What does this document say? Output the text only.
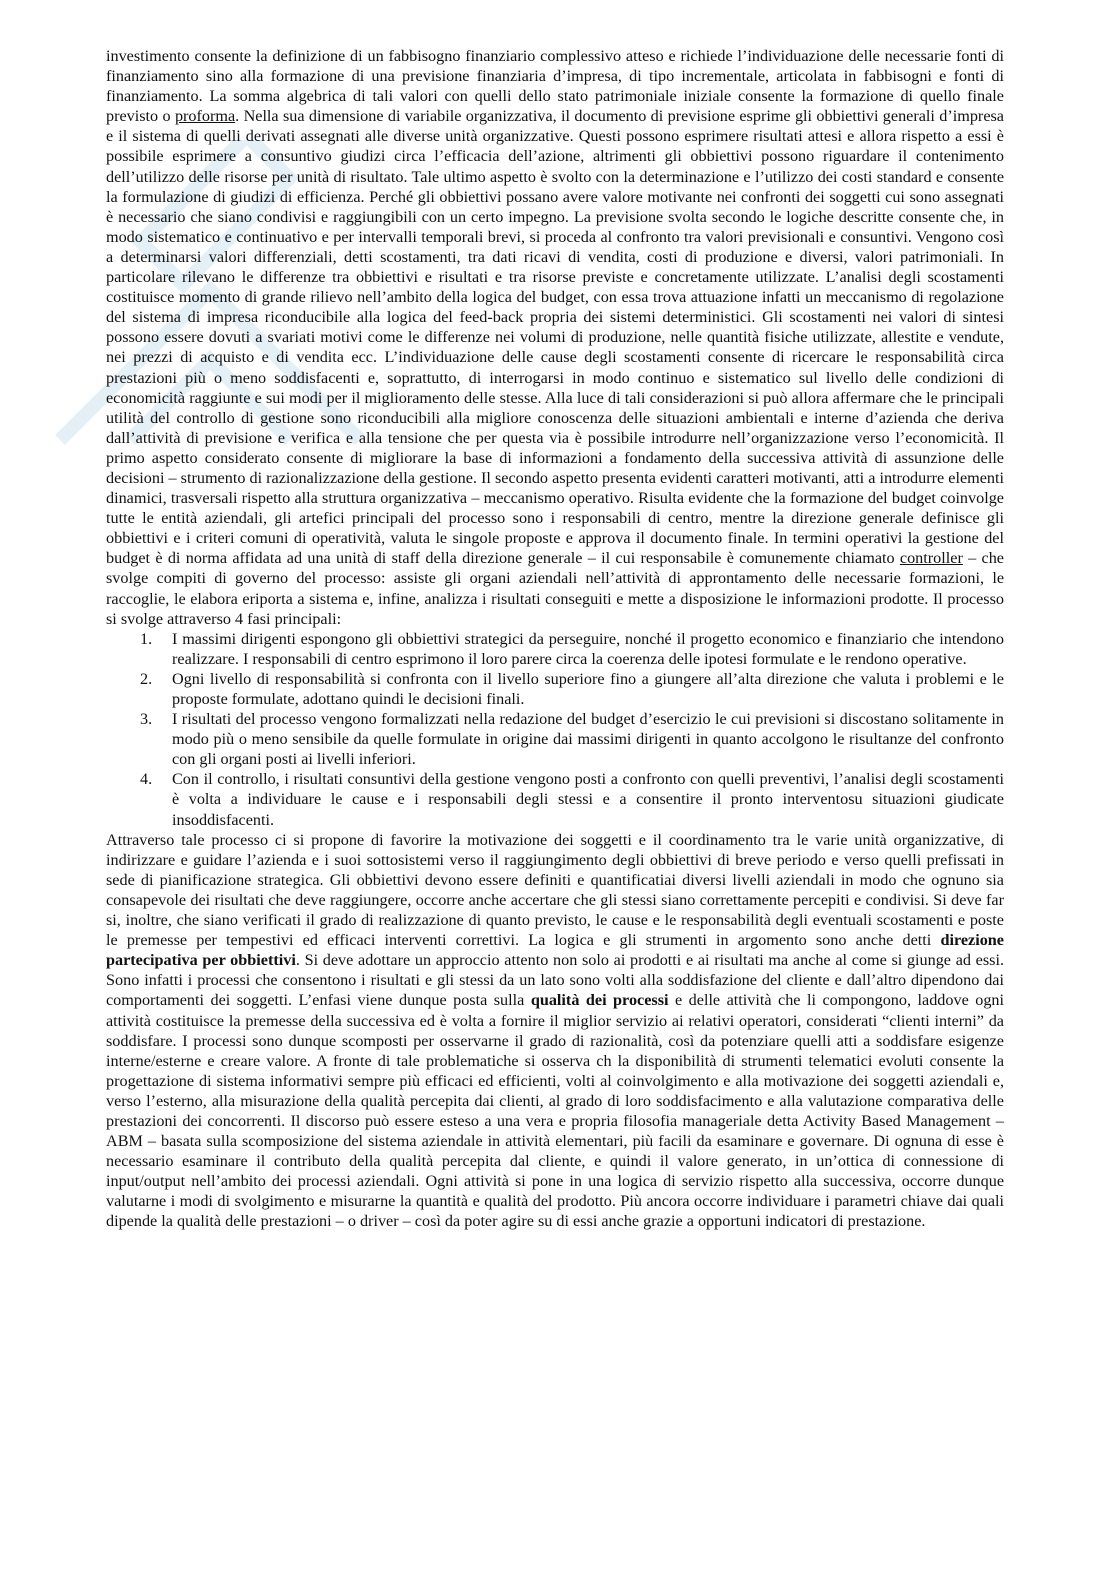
investimento consente la definizione di un fabbisogno finanziario complessivo atteso e richiede l’individuazione delle necessarie fonti di finanziamento sino alla formazione di una previsione finanziaria d’impresa, di tipo incrementale, articolata in fabbisogni e fonti di finanziamento. La somma algebrica di tali valori con quelli dello stato patrimoniale iniziale consente la formazione di quello finale previsto o proforma. Nella sua dimensione di variabile organizzativa, il documento di previsione esprime gli obbiettivi generali d’impresa e il sistema di quelli derivati assegnati alle diverse unità organizzative. Questi possono esprimere risultati attesi e allora rispetto a essi è possibile esprimere a consuntivo giudizi circa l’efficacia dell’azione, altrimenti gli obbiettivi possono riguardare il contenimento dell’utilizzo delle risorse per unità di risultato. Tale ultimo aspetto è svolto con la determinazione e l’utilizzo dei costi standard e consente la formulazione di giudizi di efficienza. Perché gli obbiettivi possano avere valore motivante nei confronti dei soggetti cui sono assegnati è necessario che siano condivisi e raggiungibili con un certo impegno. La previsione svolta secondo le logiche descritte consente che, in modo sistematico e continuativo e per intervalli temporali brevi, si proceda al confronto tra valori previsionali e consuntivi. Vengono così a determinarsi valori differenziali, detti scostamenti, tra dati ricavi di vendita, costi di produzione e diversi, valori patrimoniali. In particolare rilevano le differenze tra obbiettivi e risultati e tra risorse previste e concretamente utilizzate. L’analisi degli scostamenti costituisce momento di grande rilievo nell’ambito della logica del budget, con essa trova attuazione infatti un meccanismo di regolazione del sistema di impresa riconducibile alla logica del feed-back propria dei sistemi deterministici. Gli scostamenti nei valori di sintesi possono essere dovuti a svariati motivi come le differenze nei volumi di produzione, nelle quantità fisiche utilizzate, allestite e vendute, nei prezzi di acquisto e di vendita ecc. L’individuazione delle cause degli scostamenti consente di ricercare le responsabilità circa prestazioni più o meno soddisfacenti e, soprattutto, di interrogarsi in modo continuo e sistematico sul livello delle condizioni di economicità raggiunte e sui modi per il miglioramento delle stesse. Alla luce di tali considerazioni si può allora affermare che le principali utilità del controllo di gestione sono riconducibili alla migliore conoscenza delle situazioni ambientali e interne d’azienda che deriva dall’attività di previsione e verifica e alla tensione che per questa via è possibile introdurre nell’organizzazione verso l’economicità. Il primo aspetto considerato consente di migliorare la base di informazioni a fondamento della successiva attività di assunzione delle decisioni – strumento di razionalizzazione della gestione. Il secondo aspetto presenta evidenti caratteri motivanti, atti a introdurre elementi dinamici, trasversali rispetto alla struttura organizzativa – meccanismo operativo. Risulta evidente che la formazione del budget coinvolge tutte le entità aziendali, gli artefici principali del processo sono i responsabili di centro, mentre la direzione generale definisce gli obbiettivi e i criteri comuni di operatività, valuta le singole proposte e approva il documento finale. In termini operativi la gestione del budget è di norma affidata ad una unità di staff della direzione generale – il cui responsabile è comunemente chiamato controller – che svolge compiti di governo del processo: assiste gli organi aziendali nell’attività di approntamento delle necessarie formazioni, le raccoglie, le elabora eriporta a sistema e, infine, analizza i risultati conseguiti e mette a disposizione le informazioni prodotte. Il processo si svolge attraverso 4 fasi principali:

1. I massimi dirigenti espongono gli obbiettivi strategici da perseguire, nonché il progetto economico e finanziario che intendono realizzare. I responsabili di centro esprimono il loro parere circa la coerenza delle ipotesi formulate e le rendono operative.
2. Ogni livello di responsabilità si confronta con il livello superiore fino a giungere all’alta direzione che valuta i problemi e le proposte formulate, adottano quindi le decisioni finali.
3. I risultati del processo vengono formalizzati nella redazione del budget d’esercizio le cui previsioni si discostano solitamente in modo più o meno sensibile da quelle formulate in origine dai massimi dirigenti in quanto accolgono le risultanze del confronto con gli organi posti ai livelli inferiori.
4. Con il controllo, i risultati consuntivi della gestione vengono posti a confronto con quelli preventivi, l’analisi degli scostamenti è volta a individuare le cause e i responsabili degli stessi e a consentire il pronto interventosu situazioni giudicate insoddisfacenti.

Attraverso tale processo ci si propone di favorire la motivazione dei soggetti e il coordinamento tra le varie unità organizzative, di indirizzare e guidare l’azienda e i suoi sottosistemi verso il raggiungimento degli obbiettivi di breve periodo e verso quelli prefissati in sede di pianificazione strategica. Gli obbiettivi devono essere definiti e quantificatiai diversi livelli aziendali in modo che ognuno sia consapevole dei risultati che deve raggiungere, occorre anche accertare che gli stessi siano correttamente percepiti e condivisi. Si deve far si, inoltre, che siano verificati il grado di realizzazione di quanto previsto, le cause e le responsabilità degli eventuali scostamenti e poste le premesse per tempestivi ed efficaci interventi correttivi. La logica e gli strumenti in argomento sono anche detti direzione partecipativa per obbiettivi. Si deve adottare un approccio attento non solo ai prodotti e ai risultati ma anche al come si giunge ad essi. Sono infatti i processi che consentono i risultati e gli stessi da un lato sono volti alla soddisfazione del cliente e dall’altro dipendono dai comportamenti dei soggetti. L’enfasi viene dunque posta sulla qualità dei processi e delle attività che li compongono, laddove ogni attività costituisce la premesse della successiva ed è volta a fornire il miglior servizio ai relativi operatori, considerati “clienti interni” da soddisfare. I processi sono dunque scomposti per osservarne il grado di razionalità, così da potenziare quelli atti a soddisfare esigenze interne/esterne e creare valore. A fronte di tale problematiche si osserva ch la disponibilità di strumenti telematici evoluti consente la progettazione di sistema informativi sempre più efficaci ed efficienti, volti al coinvolgimento e alla motivazione dei soggetti aziendali e, verso l’esterno, alla misurazione della qualità percepita dai clienti, al grado di loro soddisfacimento e alla valutazione comparativa delle prestazioni dei concorrenti. Il discorso può essere esteso a una vera e propria filosofia manageriale detta Activity Based Management – ABM – basata sulla scomposizione del sistema aziendale in attività elementari, più facili da esaminare e governare. Di ognuna di esse è necessario esaminare il contributo della qualità percepita dal cliente, e quindi il valore generato, in un’ottica di connessione di input/output nell’ambito dei processi aziendali. Ogni attività si pone in una logica di servizio rispetto alla successiva, occorre dunque valutarne i modi di svolgimento e misurarne la quantità e qualità del prodotto. Più ancora occorre individuare i parametri chiave dai quali dipende la qualità delle prestazioni – o driver – così da poter agire su di essi anche grazie a opportuni indicatori di prestazione.
